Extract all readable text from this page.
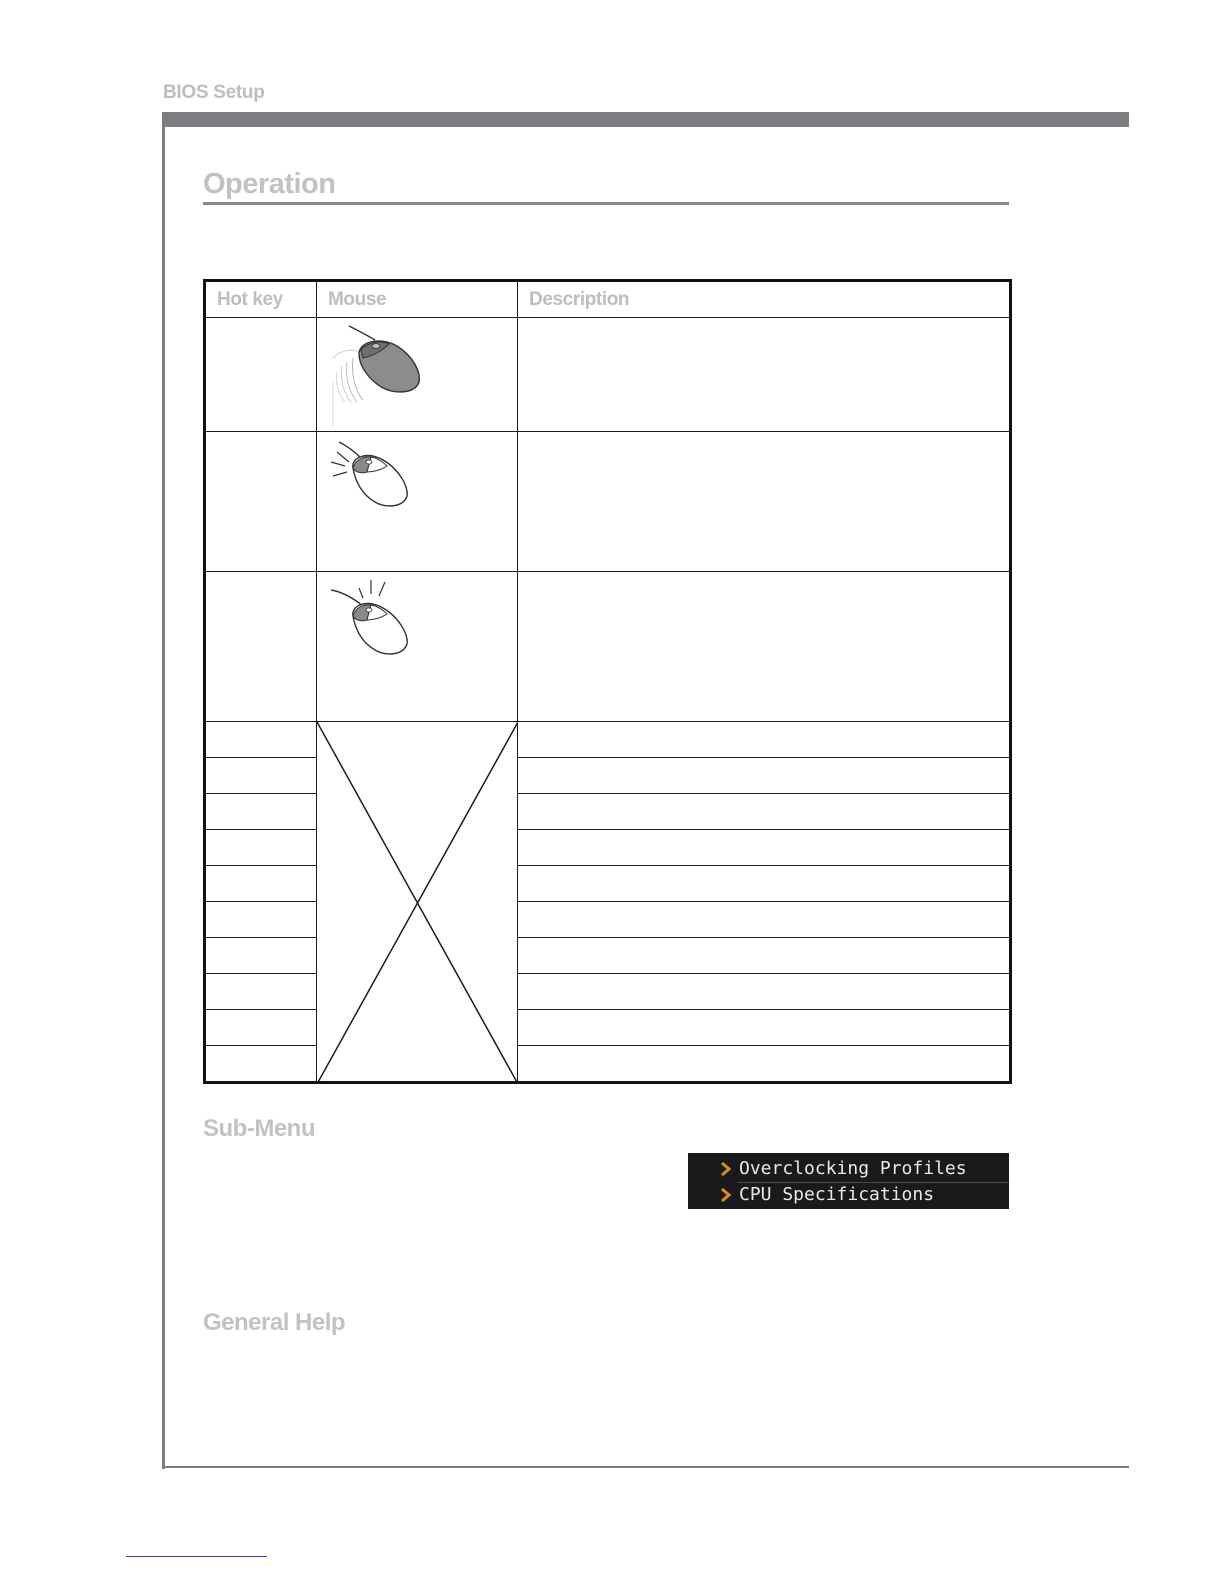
BIOS Setup
Operation
Hot key	Mouse	Description

Sub-Menu
Overclocking Profiles
CPU Specifications
General Help
